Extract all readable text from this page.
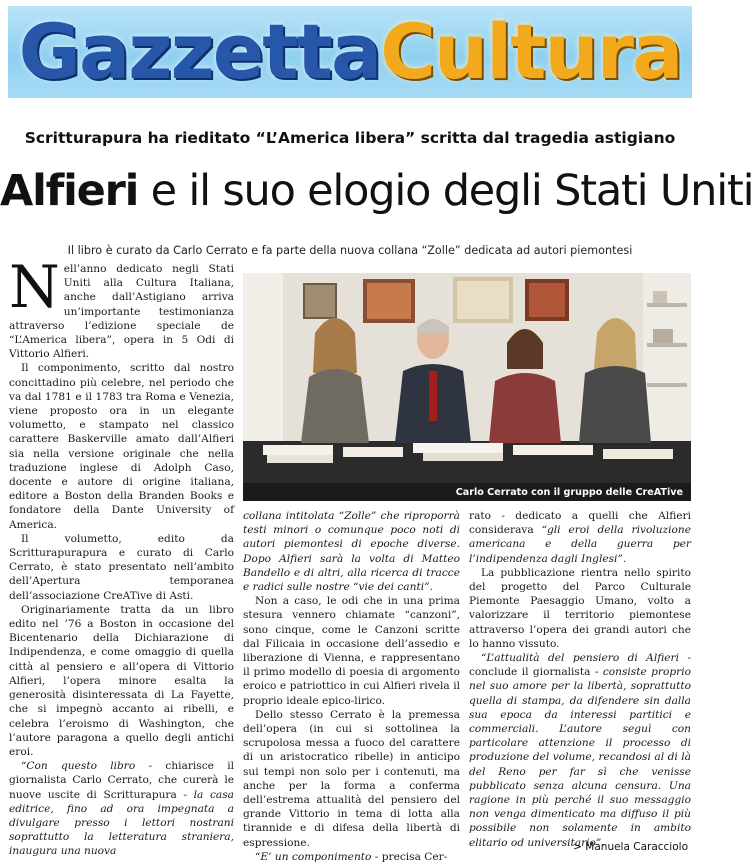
GazzettaCultura
Scritturapura ha rieditato “L’America libera” scritta dal tragediа astigiano
Alfieri e il suo elogio degli Stati Uniti
Il libro è curato da Carlo Cerrato e fa parte della nuova collana “Zolle” dedicata ad autori piemontesi

Nell’anno dedicato negli Stati Uniti alla Cultura Italiana, anche dall’Astigiano arriva un’importante testimonianza attraverso l’edizione speciale de “L’America libera”, opera in 5 Odi di Vittorio Alfieri.

Il componimento, scritto dal nostro concittadino più celebre, nel periodo che va dal 1781 e il 1783 tra Roma e Venezia, viene proposto ora in un elegante volumetto, e stampato nel classico carattere Baskerville amato dall’Alfieri sia nella versione originale che nella traduzione inglese di Adolph Caso, docente e autore di origine italiana, editore a Boston della Branden Books e fondatore della Dante University of America.

Il volumetto, edito da Scritturapurapura e curato di Carlo Cerrato, è stato presentato nell’ambito dell’Apertura temporanea dell’associazione CreATive di Asti.

Originariamente tratta da un libro edito nel ’76 a Boston in occasione del Bicentenario della Dichiarazione di Indipendenza, e come omaggio di quella città al pensiero e all’opera di Vittorio Alfieri, l’opera minore esalta la generosità disinteressata di La Fayette, che si impegnò accanto ai ribelli, e celebra l’eroismo di Washington, che l’autore paragona a quello degli antichi eroi.

“Con questo libro - chiarisce il giornalista Carlo Cerrato, che curerà le nuove uscite di Scritturapura - la casa editrice, fino ad ora impegnata a divulgare presso i lettori nostrani soprattutto la letteratura straniera, inaugura una nuova

Carlo Cerrato con il gruppo delle CreATive

collana intitolata “Zolle” che riproporrà testi minori o comunque poco noti di autori piemontesi di epoche diverse. Dopo Alfieri sarà la volta di Matteo Bandello e di altri, alla ricerca di tracce e radici sulle nostre “vie dei canti”.

Non a caso, le odi che in una prima stesura vennero chiamate “canzoni”, sono cinque, come le Canzoni scritte dal Filicaia in occasione dell’assedio e liberazione di Vienna, e rappresentano il primo modello di poesia di argomento eroico e patriottico in cui Alfieri rivela il proprio ideale epico-lirico.

Dello stesso Cerrato è la premessa dell’opera (in cui si sottolinea la scrupolosa messa a fuoco del carattere di un aristocratico ribelle) in anticipo sui tempi non solo per i contenuti, ma anche per la forma a conferma dell’estrema attualità del pensiero del grande Vittorio in tema di lotta alla tirannide e di difesa della libertà di espressione.

“E’ un componimento - precisa Cer-

rato - dedicato a quelli che Alfieri considerava “gli eroi della rivoluzione americana e della guerra per l’indipendenza dagli Inglesi”.

La pubblicazione rientra nello spirito del progetto del Parco Culturale Piemonte Paesaggio Umano, volto a valorizzare il territorio piemontese attraverso l’opera dei grandi autori che lo hanno vissuto.

“L’attualità del pensiero di Alfieri - conclude il giornalista - consiste proprio nel suo amore per la libertà, soprattutto quella di stampa, da difendere sin dalla sua epoca da interessi partitici e commerciali. L’autore seguì con particolare attenzione il processo di produzione del volume, recandosi al di là del Reno per far sì che venisse pubblicato senza alcuna censura. Una ragione in più perché il suo messaggio non venga dimenticato ma diffuso il più possibile non solamente in ambito elitario od universitario”.

> Manuela Caracciolo
